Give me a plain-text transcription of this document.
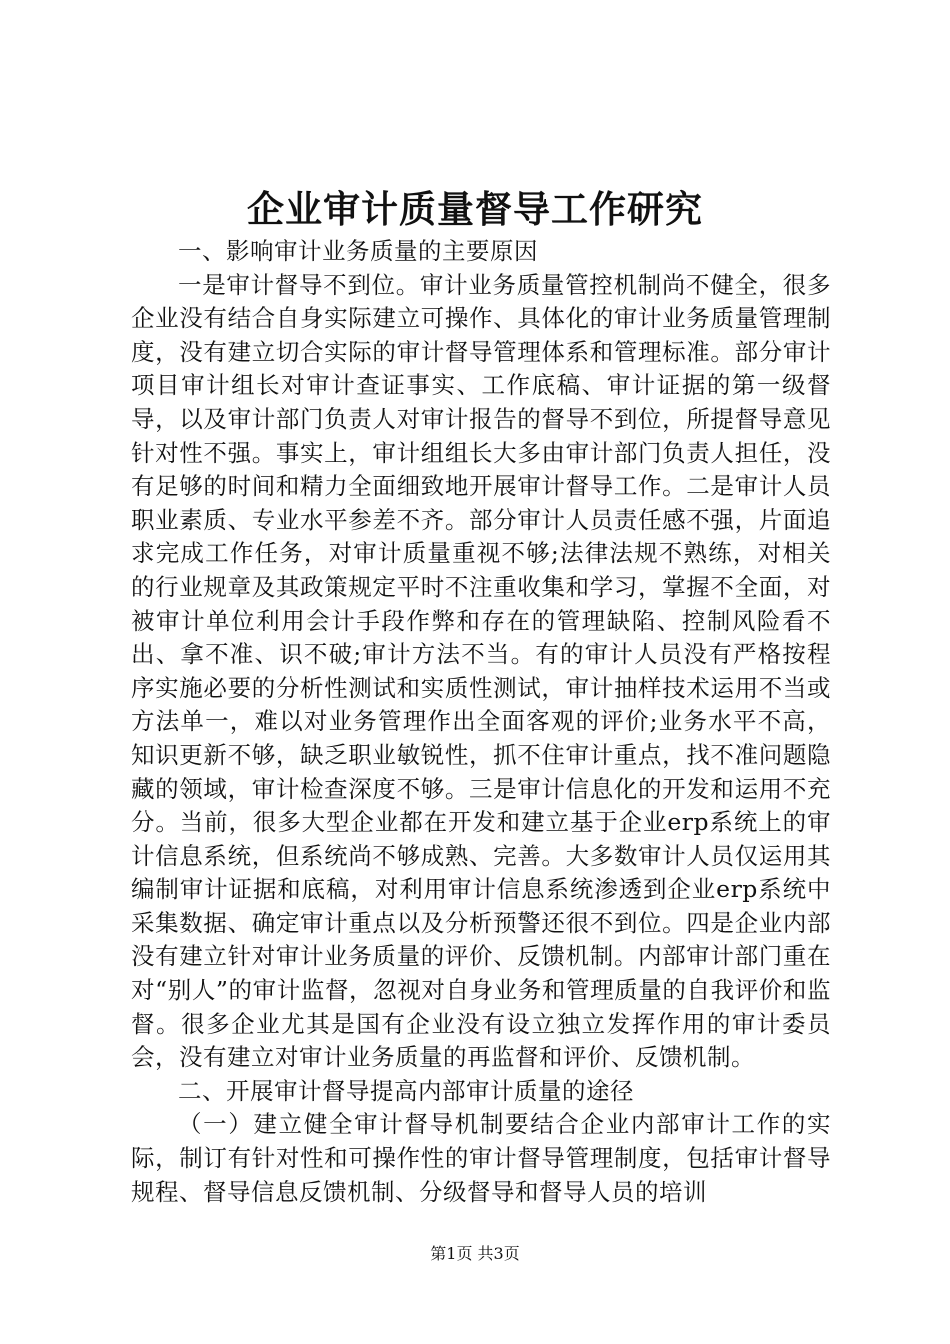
企业审计质量督导工作研究

一、影响审计业务质量的主要原因

一是审计督导不到位。审计业务质量管控机制尚不健全，很多企业没有结合自身实际建立可操作、具体化的审计业务质量管理制度，没有建立切合实际的审计督导管理体系和管理标准。部分审计项目审计组长对审计查证事实、工作底稿、审计证据的第一级督导，以及审计部门负责人对审计报告的督导不到位，所提督导意见针对性不强。事实上，审计组组长大多由审计部门负责人担任，没有足够的时间和精力全面细致地开展审计督导工作。二是审计人员职业素质、专业水平参差不齐。部分审计人员责任感不强，片面追求完成工作任务，对审计质量重视不够;法律法规不熟练，对相关的行业规章及其政策规定平时不注重收集和学习，掌握不全面，对被审计单位利用会计手段作弊和存在的管理缺陷、控制风险看不出、拿不准、识不破;审计方法不当。有的审计人员没有严格按程序实施必要的分析性测试和实质性测试，审计抽样技术运用不当或方法单一，难以对业务管理作出全面客观的评价;业务水平不高，知识更新不够，缺乏职业敏锐性，抓不住审计重点，找不准问题隐藏的领域，审计检查深度不够。三是审计信息化的开发和运用不充分。当前，很多大型企业都在开发和建立基于企业erp系统上的审计信息系统，但系统尚不够成熟、完善。大多数审计人员仅运用其编制审计证据和底稿，对利用审计信息系统渗透到企业erp系统中采集数据、确定审计重点以及分析预警还很不到位。四是企业内部没有建立针对审计业务质量的评价、反馈机制。内部审计部门重在对“别人”的审计监督，忽视对自身业务和管理质量的自我评价和监督。很多企业尤其是国有企业没有设立独立发挥作用的审计委员会，没有建立对审计业务质量的再监督和评价、反馈机制。

二、开展审计督导提高内部审计质量的途径

（一）建立健全审计督导机制要结合企业内部审计工作的实际，制订有针对性和可操作性的审计督导管理制度，包括审计督导规程、督导信息反馈机制、分级督导和督导人员的培训

第1页 共3页
